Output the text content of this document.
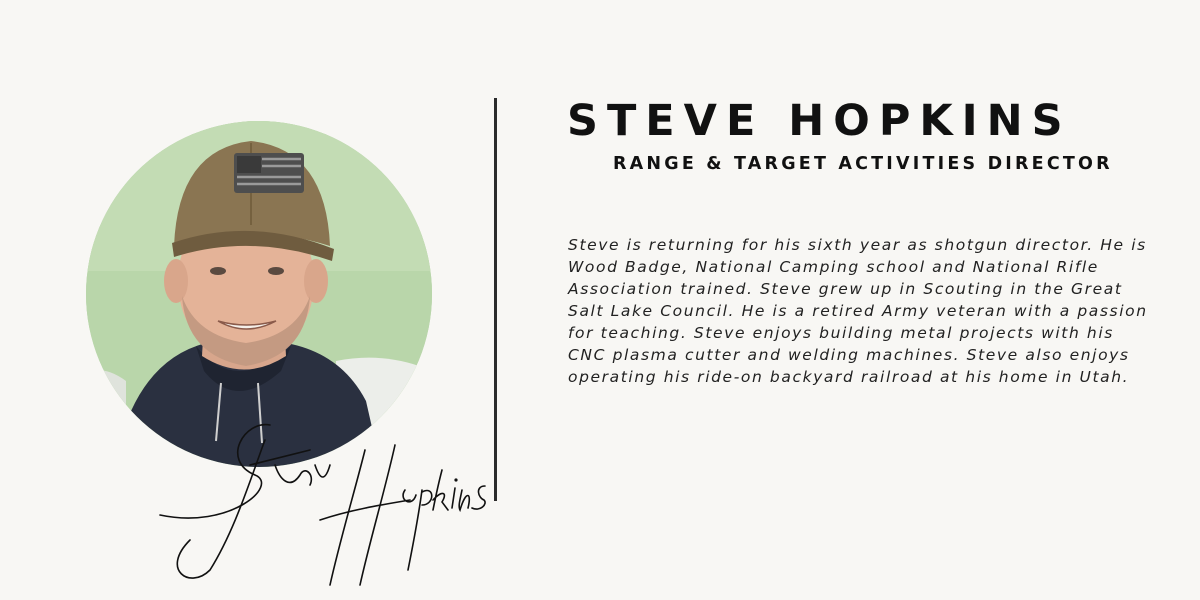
STEVE HOPKINS
RANGE & TARGET ACTIVITIES DIRECTOR

Steve is returning for his sixth year as shotgun director. He is Wood Badge, National Camping school and National Rifle Association trained. Steve grew up in Scouting in the Great Salt Lake Council. He is a retired Army veteran with a passion for teaching. Steve enjoys building metal projects with his CNC plasma cutter and welding machines. Steve also enjoys operating his ride-on backyard railroad at his home in Utah.
